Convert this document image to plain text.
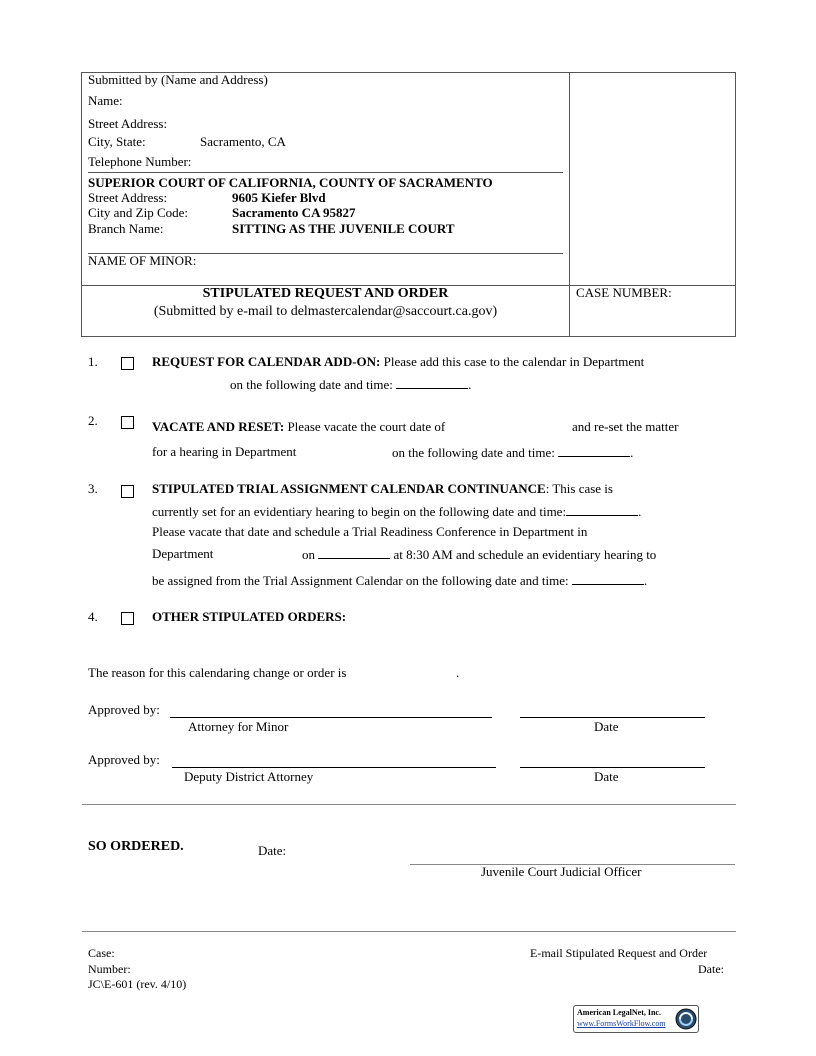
Submitted by (Name and Address)
Name:
Street Address:
City, State:	Sacramento, CA
Telephone Number:
SUPERIOR COURT OF CALIFORNIA, COUNTY OF SACRAMENTO
Street Address:	9605 Kiefer Blvd
City and Zip Code:	Sacramento CA 95827
Branch Name:	SITTING AS THE JUVENILE COURT
NAME OF MINOR:
STIPULATED REQUEST AND ORDER
(Submitted by e-mail to delmastercalendar@saccourt.ca.gov)
CASE NUMBER:
1.	REQUEST FOR CALENDAR ADD-ON: Please add this case to the calendar in Department
on the following date and time:	.
2.	VACATE AND RESET: Please vacate the court date of	and re-set the matter
for a hearing in Department	on the following date and time:	.
3.	STIPULATED TRIAL ASSIGNMENT CALENDAR CONTINUANCE: This case is
currently set for an evidentiary hearing to begin on the following date and time:	.
Please vacate that date and schedule a Trial Readiness Conference in Department in
Department	on	at 8:30 AM and schedule an evidentiary hearing to
be assigned from the Trial Assignment Calendar on the following date and time:	.
4.	OTHER STIPULATED ORDERS:
The reason for this calendaring change or order is	.
Approved by:
Attorney for Minor	Date
Approved by:
Deputy District Attorney	Date
SO ORDERED.	Date:
Juvenile Court Judicial Officer
Case:
Number:
JC\E-601 (rev. 4/10)
E-mail Stipulated Request and Order
Date:
American LegalNet, Inc.
www.FormsWorkFlow.com
